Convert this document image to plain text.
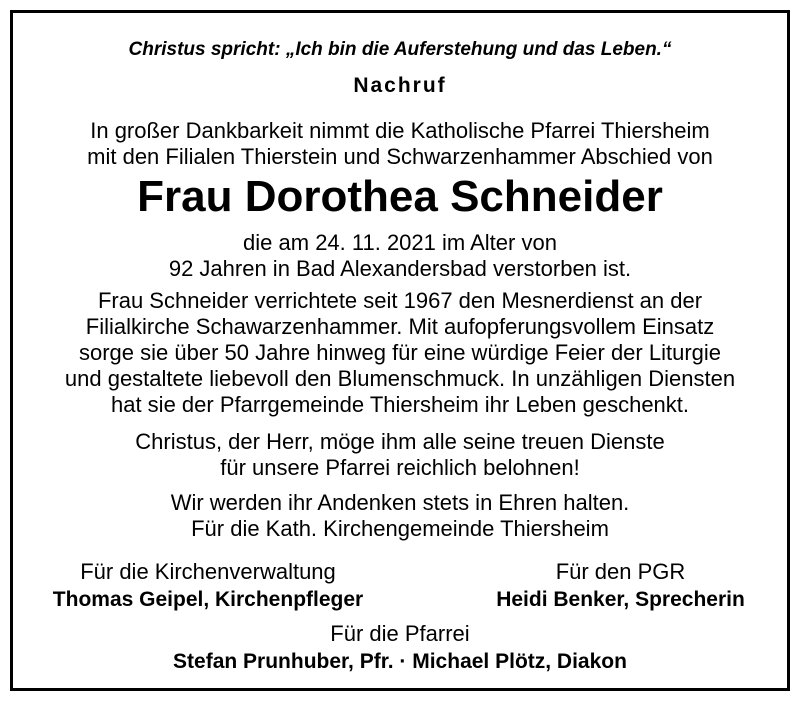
Christus spricht: „Ich bin die Auferstehung und das Leben.“
Nachruf
In großer Dankbarkeit nimmt die Katholische Pfarrei Thiersheim
mit den Filialen Thierstein und Schwarzenhammer Abschied von
Frau Dorothea Schneider
die am 24. 11. 2021 im Alter von
92 Jahren in Bad Alexandersbad verstorben ist.
Frau Schneider verrichtete seit 1967 den Mesnerdienst an der
Filialkirche Schawarzenhammer. Mit aufopferungsvollem Einsatz
sorge sie über 50 Jahre hinweg für eine würdige Feier der Liturgie
und gestaltete liebevoll den Blumenschmuck. In unzähligen Diensten
hat sie der Pfarrgemeinde Thiersheim ihr Leben geschenkt.
Christus, der Herr, möge ihm alle seine treuen Dienste
für unsere Pfarrei reichlich belohnen!
Wir werden ihr Andenken stets in Ehren halten.
Für die Kath. Kirchengemeinde Thiersheim
Für die Kirchenverwaltung
Thomas Geipel, Kirchenpfleger
Für den PGR
Heidi Benker, Sprecherin
Für die Pfarrei
Stefan Prunhuber, Pfr. · Michael Plötz, Diakon
